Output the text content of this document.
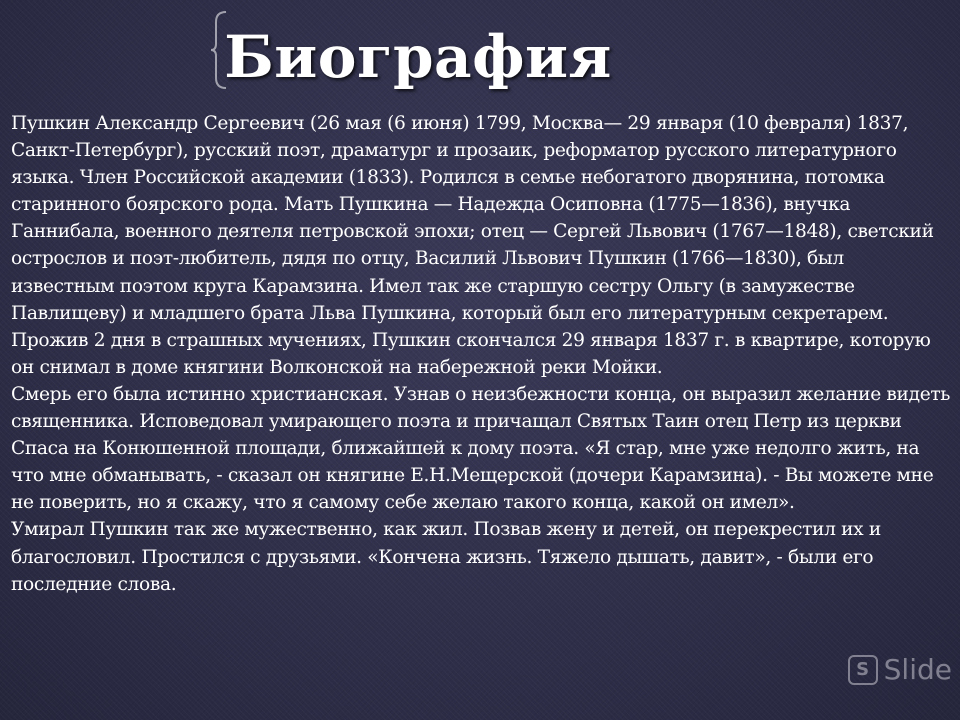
Биография

Пушкин Александр Сергеевич (26 мая (6 июня) 1799, Москва— 29 января (10 февраля) 1837, Санкт-Петербург), русский поэт, драматург и прозаик, реформатор русского литературного языка. Член Российской академии (1833). Родился в семье небогатого дворянина, потомка старинного боярского рода. Мать Пушкина — Надежда Осиповна (1775—1836), внучка Ганнибала, военного деятеля петровской эпохи; отец — Сергей Львович (1767—1848), светский острослов и поэт-любитель, дядя по отцу, Василий Львович Пушкин (1766—1830), был известным поэтом круга Карамзина. Имел так же старшую сестру Ольгу (в замужестве Павлищеву) и младшего брата Льва Пушкина, который был его литературным секретарем. Прожив 2 дня в страшных мучениях, Пушкин скончался 29 января 1837 г. в квартире, которую он снимал в доме княгини Волконской на набережной реки Мойки.

Смерь его была истинно христианская. Узнав о неизбежности конца, он выразил желание видеть священника. Исповедовал умирающего поэта и причащал Святых Таин отец Петр из церкви Спаса на Конюшенной площади, ближайшей к дому поэта. «Я стар, мне уже недолго жить, на что мне обманывать, - сказал он княгине Е.Н.Мещерской (дочери Карамзина). - Вы можете мне не поверить, но я скажу, что я самому себе желаю такого конца, какой он имел».

Умирал Пушкин так же мужественно, как жил. Позвав жену и детей, он перекрестил их и благословил. Простился с друзьями. «Кончена жизнь. Тяжело дышать, давит», - были его последние слова.

S Slide
